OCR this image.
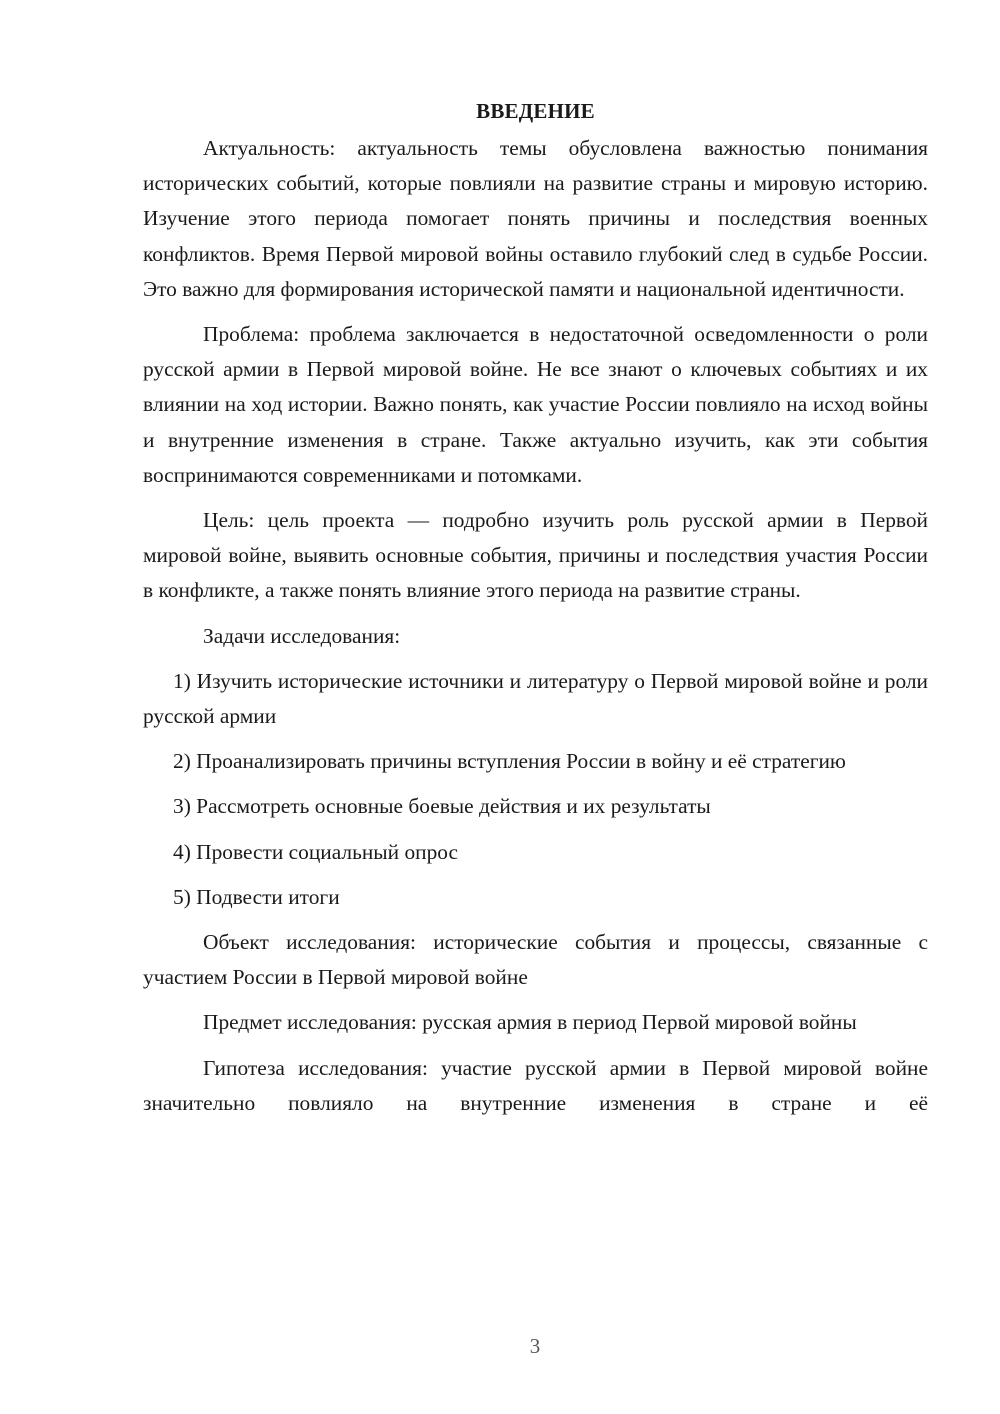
ВВЕДЕНИЕ

Актуальность: актуальность темы обусловлена важностью понимания исторических событий, которые повлияли на развитие страны и мировую историю. Изучение этого периода помогает понять причины и последствия военных конфликтов. Время Первой мировой войны оставило глубокий след в судьбе России. Это важно для формирования исторической памяти и национальной идентичности.

Проблема: проблема заключается в недостаточной осведомленности о роли русской армии в Первой мировой войне. Не все знают о ключевых событиях и их влиянии на ход истории. Важно понять, как участие России повлияло на исход войны и внутренние изменения в стране. Также актуально изучить, как эти события воспринимаются современниками и потомками.

Цель: цель проекта — подробно изучить роль русской армии в Первой мировой войне, выявить основные события, причины и последствия участия России в конфликте, а также понять влияние этого периода на развитие страны.

Задачи исследования:

1) Изучить исторические источники и литературу о Первой мировой войне и роли русской армии

2) Проанализировать причины вступления России в войну и её стратегию

3) Рассмотреть основные боевые действия и их результаты

4) Провести социальный опрос

5) Подвести итоги

Объект исследования: исторические события и процессы, связанные с участием России в Первой мировой войне

Предмет исследования: русская армия в период Первой мировой войны

Гипотеза исследования: участие русской армии в Первой мировой войне значительно повлияло на внутренние изменения в стране и её

3
